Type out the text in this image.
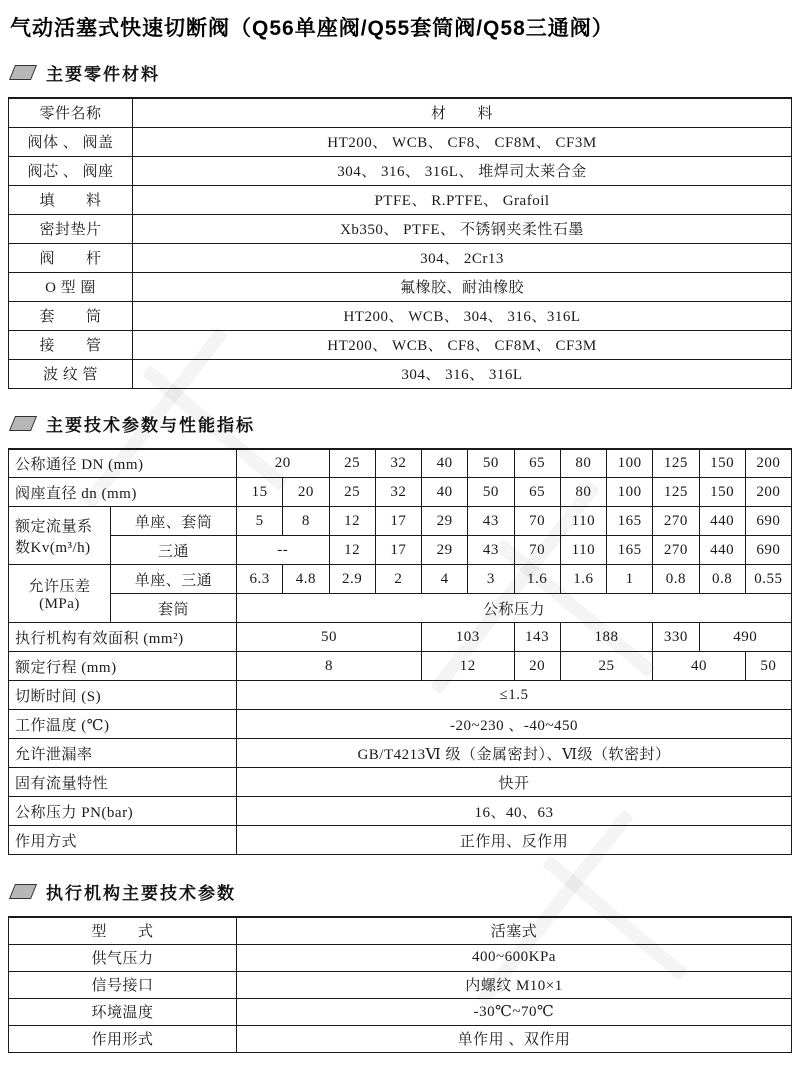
气动活塞式快速切断阀（Q56单座阀/Q55套筒阀/Q58三通阀）
主要零件材料
零件名称	材　　料
阀体 、 阀盖	HT200、 WCB、 CF8、 CF8M、 CF3M
阀芯 、 阀座	304、 316、 316L、 堆焊司太莱合金
填　　料	PTFE、 R.PTFE、 Grafoil
密封垫片	Xb350、 PTFE、 不锈钢夹柔性石墨
阀　　杆	304、 2Cr13
O 型 圈	氟橡胶、耐油橡胶
套　　筒	HT200、 WCB、 304、 316、316L
接　　管	HT200、 WCB、 CF8、 CF8M、 CF3M
波 纹 管	304、 316、 316L
主要技术参数与性能指标
公称通径 DN (mm)		20		25	32	40	50	65	80	100	125	150	200
阀座直径 dn (mm)		15	20	25	32	40	50	65	80	100	125	150	200
额定流量系数Kv(m³/h)	单座、套筒	5	8	12	17	29	43	70	110	165	270	440	690
	三通	--		12	17	29	43	70	110	165	270	440	690
允许压差 (MPa)	单座、三通	6.3	4.8	2.9	2	4	3	1.6	1.6	1	0.8	0.8	0.55
	套筒	公称压力											
执行机构有效面积 (mm²)		50				103		143	188		330	490	
额定行程 (mm)		8				12		20	25		40		50
切断时间 (S)		≤1.5											
工作温度 (℃)		-20~230 、-40~450											
允许泄漏率		GB/T4213Ⅵ 级（金属密封）、Ⅵ级（软密封）											
固有流量特性		快开											
公称压力 PN(bar)		16、40、63											
作用方式		正作用、反作用											
执行机构主要技术参数
型　　式	活塞式
供气压力	400~600KPa
信号接口	内螺纹 M10×1
环境温度	-30℃~70℃
作用形式	单作用 、双作用
